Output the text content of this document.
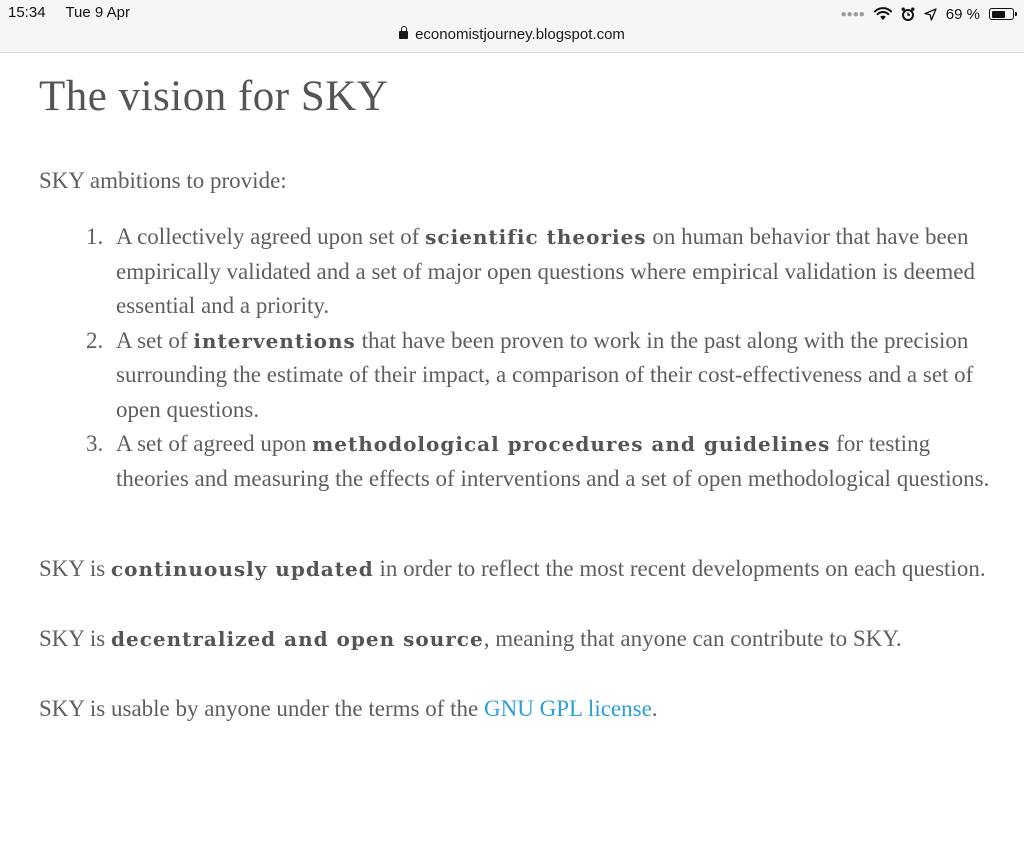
15:34 Tue 9 Apr	●●●●	69 %
economistjourney.blogspot.com
The vision for SKY

SKY ambitions to provide:

1. A collectively agreed upon set of scientific theories on human behavior that have been empirically validated and a set of major open questions where empirical validation is deemed essential and a priority.
2. A set of interventions that have been proven to work in the past along with the precision surrounding the estimate of their impact, a comparison of their cost-effectiveness and a set of open questions.
3. A set of agreed upon methodological procedures and guidelines for testing theories and measuring the effects of interventions and a set of open methodological questions.

SKY is continuously updated in order to reflect the most recent developments on each question.

SKY is decentralized and open source, meaning that anyone can contribute to SKY.

SKY is usable by anyone under the terms of the GNU GPL license.
